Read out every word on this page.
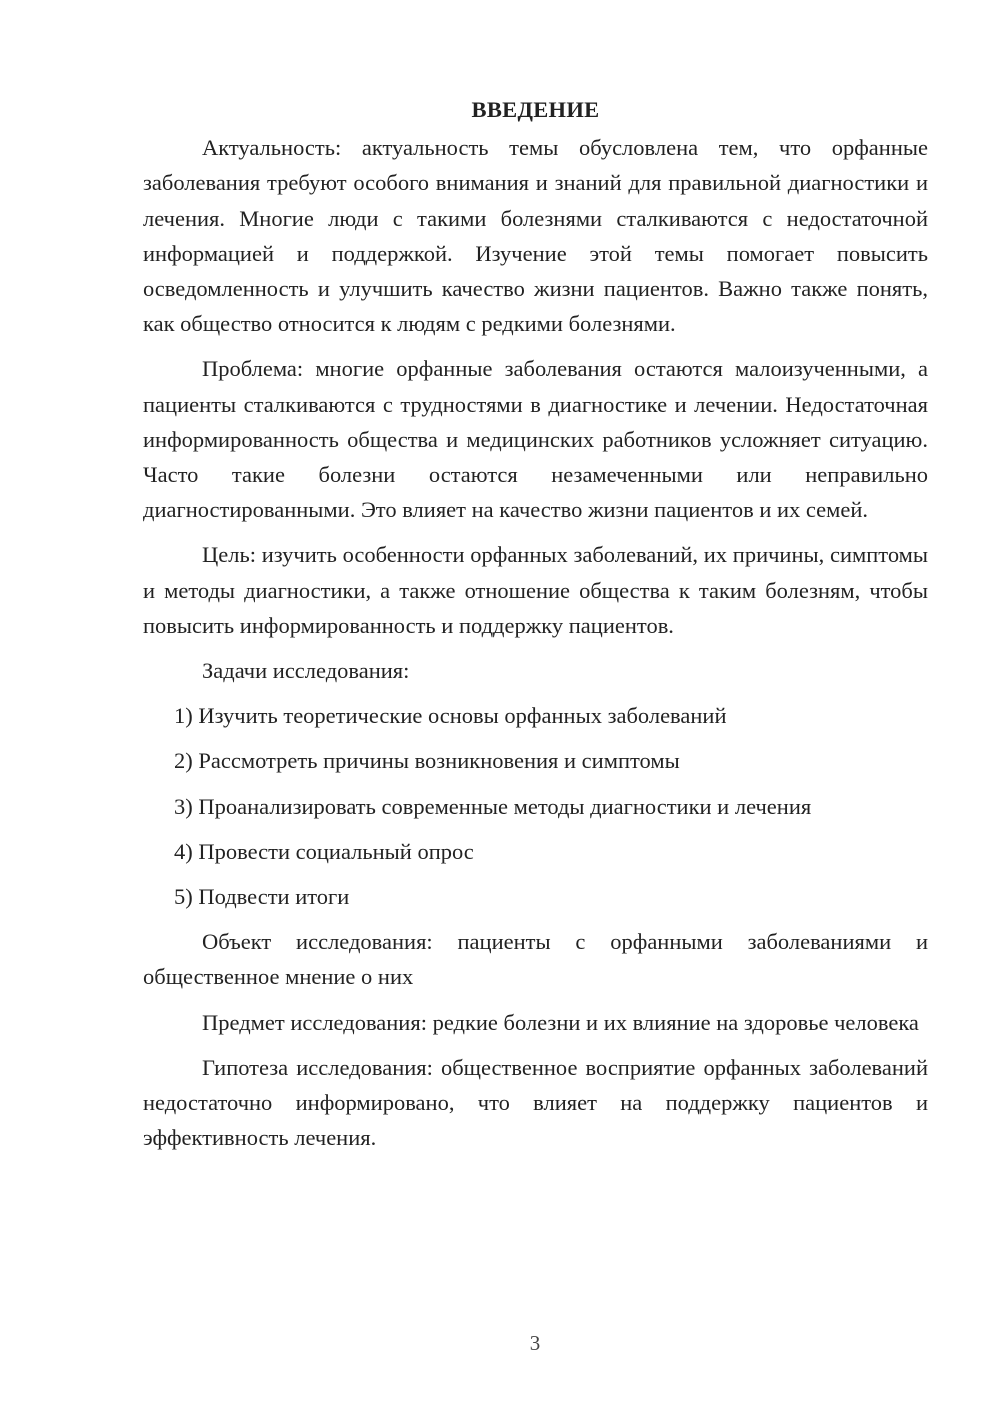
ВВЕДЕНИЕ

Актуальность: актуальность темы обусловлена тем, что орфанные заболевания требуют особого внимания и знаний для правильной диагностики и лечения. Многие люди с такими болезнями сталкиваются с недостаточной информацией и поддержкой. Изучение этой темы помогает повысить осведомленность и улучшить качество жизни пациентов. Важно также понять, как общество относится к людям с редкими болезнями.

Проблема: многие орфанные заболевания остаются малоизученными, а пациенты сталкиваются с трудностями в диагностике и лечении. Недостаточная информированность общества и медицинских работников усложняет ситуацию. Часто такие болезни остаются незамеченными или неправильно диагностированными. Это влияет на качество жизни пациентов и их семей.

Цель: изучить особенности орфанных заболеваний, их причины, симптомы и методы диагностики, а также отношение общества к таким болезням, чтобы повысить информированность и поддержку пациентов.

Задачи исследования:

1) Изучить теоретические основы орфанных заболеваний
2) Рассмотреть причины возникновения и симптомы
3) Проанализировать современные методы диагностики и лечения
4) Провести социальный опрос
5) Подвести итоги

Объект исследования: пациенты с орфанными заболеваниями и общественное мнение о них

Предмет исследования: редкие болезни и их влияние на здоровье человека

Гипотеза исследования: общественное восприятие орфанных заболеваний недостаточно информировано, что влияет на поддержку пациентов и эффективность лечения.

3
